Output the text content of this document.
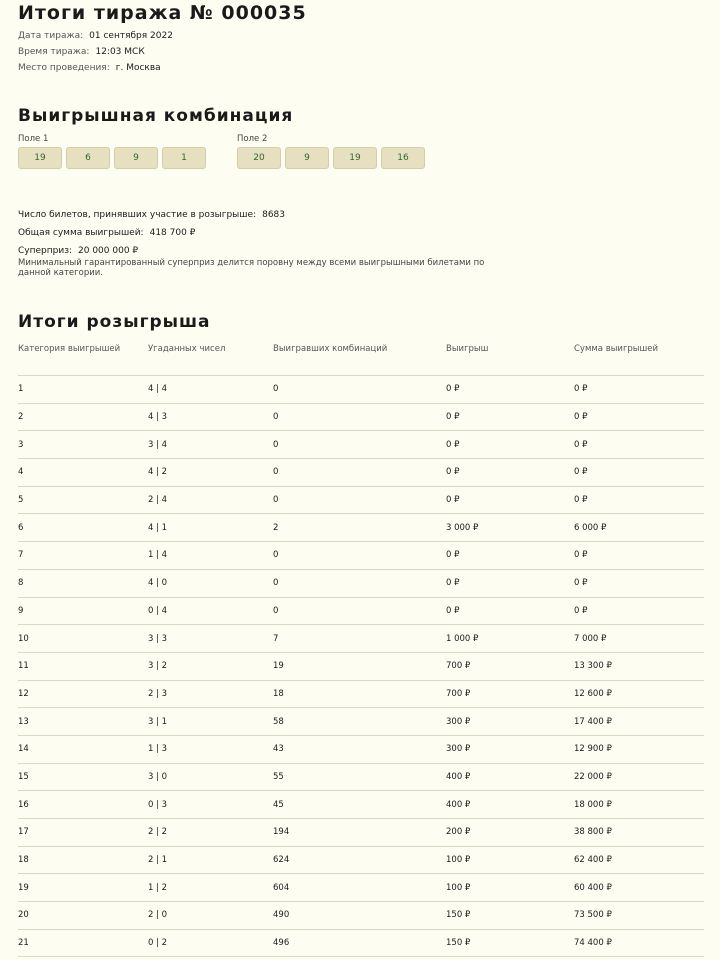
Итоги тиража № 000035
Дата тиража: 01 сентября 2022
Время тиража: 12:03 МСК
Место проведения: г. Москва
Выигрышная комбинация
Поле 1
19	6	9	1
Поле 2
20	9	19	16
Число билетов, принявших участие в розыгрыше: 8683
Общая сумма выигрышей: 418 700 ₽
Суперприз: 20 000 000 ₽
Минимальный гарантированный суперприз делится поровну между всеми выигрышными билетами по данной категории.
Итоги розыгрыша
Категория выигрышей	Угаданных чисел	Выигравших комбинаций	Выигрыш	Сумма выигрышей
1	4 | 4	0	0 ₽	0 ₽
2	4 | 3	0	0 ₽	0 ₽
3	3 | 4	0	0 ₽	0 ₽
4	4 | 2	0	0 ₽	0 ₽
5	2 | 4	0	0 ₽	0 ₽
6	4 | 1	2	3 000 ₽	6 000 ₽
7	1 | 4	0	0 ₽	0 ₽
8	4 | 0	0	0 ₽	0 ₽
9	0 | 4	0	0 ₽	0 ₽
10	3 | 3	7	1 000 ₽	7 000 ₽
11	3 | 2	19	700 ₽	13 300 ₽
12	2 | 3	18	700 ₽	12 600 ₽
13	3 | 1	58	300 ₽	17 400 ₽
14	1 | 3	43	300 ₽	12 900 ₽
15	3 | 0	55	400 ₽	22 000 ₽
16	0 | 3	45	400 ₽	18 000 ₽
17	2 | 2	194	200 ₽	38 800 ₽
18	2 | 1	624	100 ₽	62 400 ₽
19	1 | 2	604	100 ₽	60 400 ₽
20	2 | 0	490	150 ₽	73 500 ₽
21	0 | 2	496	150 ₽	74 400 ₽
